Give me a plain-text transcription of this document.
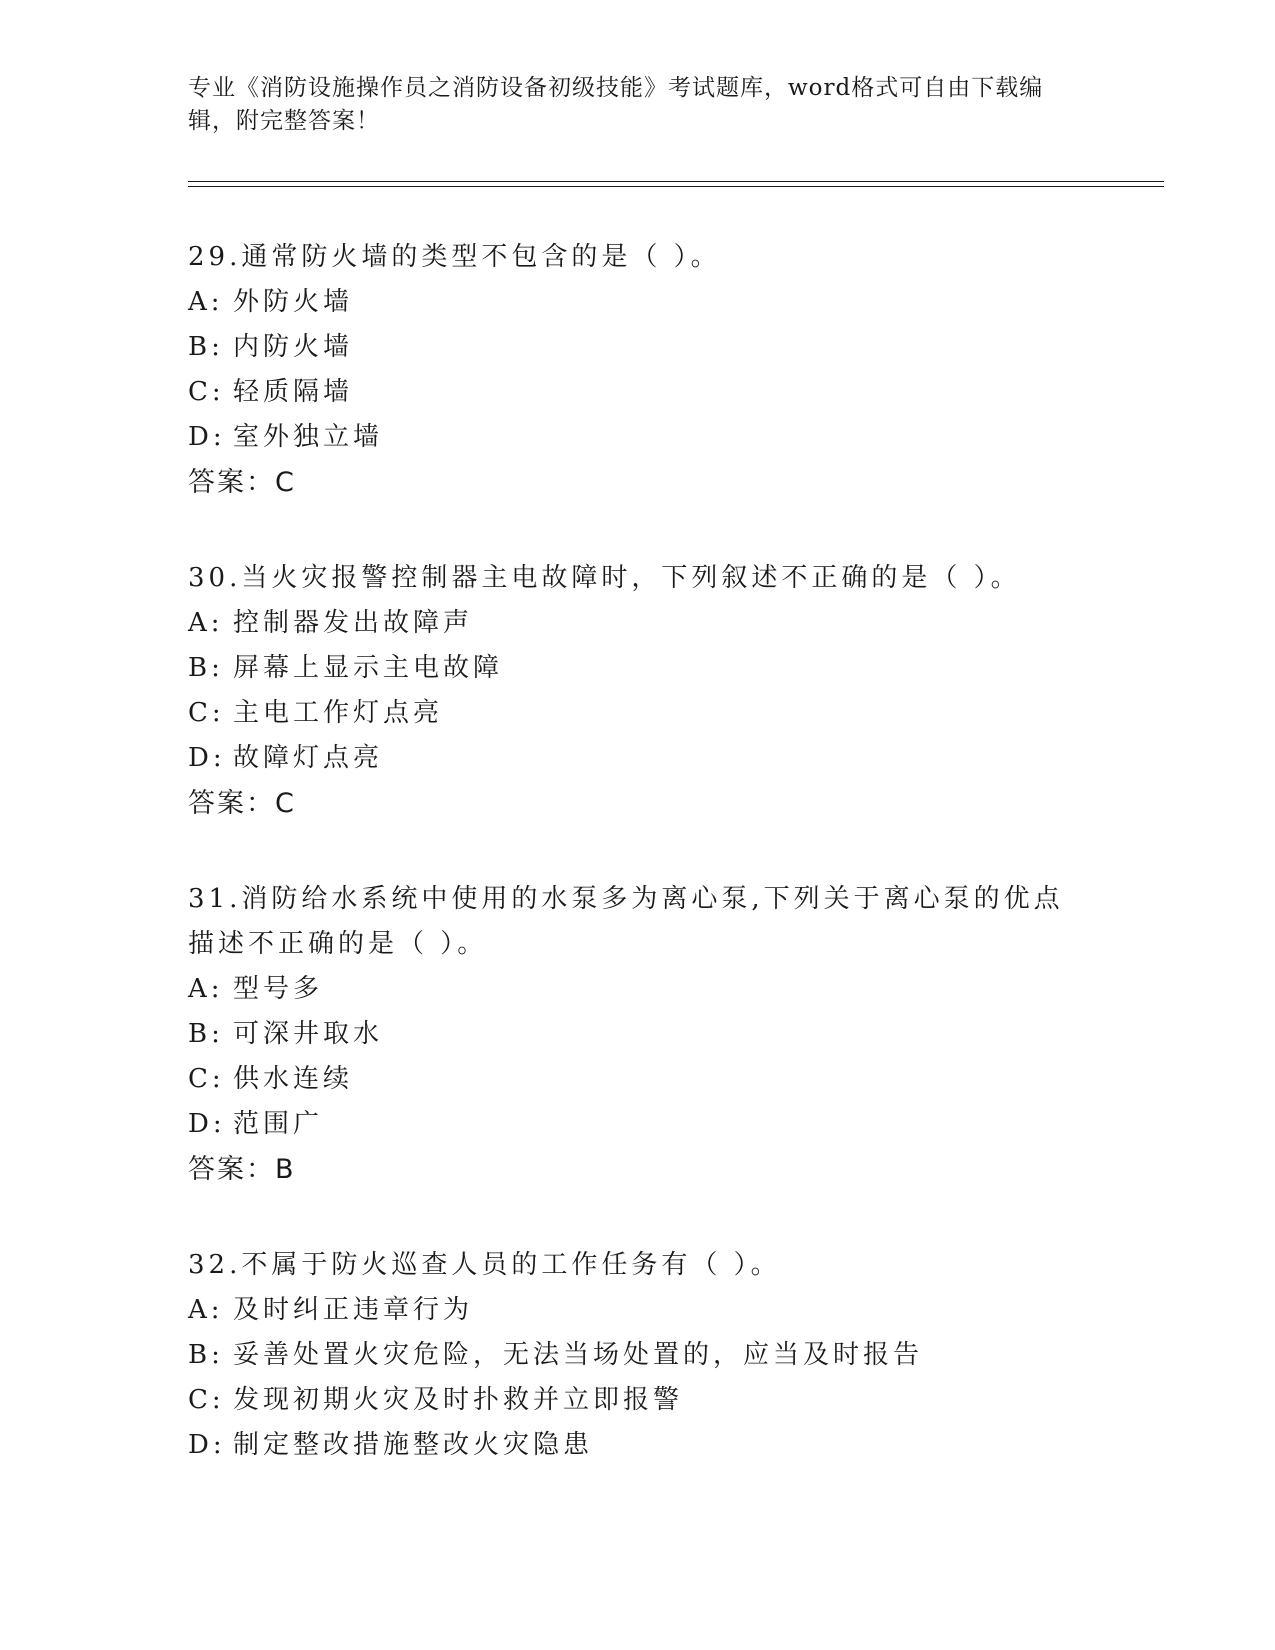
专业《消防设施操作员之消防设备初级技能》考试题库，word格式可自由下载编辑，附完整答案！

29.通常防火墙的类型不包含的是（ ）。

A: 外防火墙

B: 内防火墙

C: 轻质隔墙

D: 室外独立墙

答案：C

30.当火灾报警控制器主电故障时，下列叙述不正确的是（ ）。

A: 控制器发出故障声

B: 屏幕上显示主电故障

C: 主电工作灯点亮

D: 故障灯点亮

答案：C

31.消防给水系统中使用的水泵多为离心泵,下列关于离心泵的优点描述不正确的是（ ）。

A: 型号多

B: 可深井取水

C: 供水连续

D: 范围广

答案：B

32.不属于防火巡查人员的工作任务有（ ）。

A: 及时纠正违章行为

B: 妥善处置火灾危险，无法当场处置的，应当及时报告

C: 发现初期火灾及时扑救并立即报警

D: 制定整改措施整改火灾隐患
